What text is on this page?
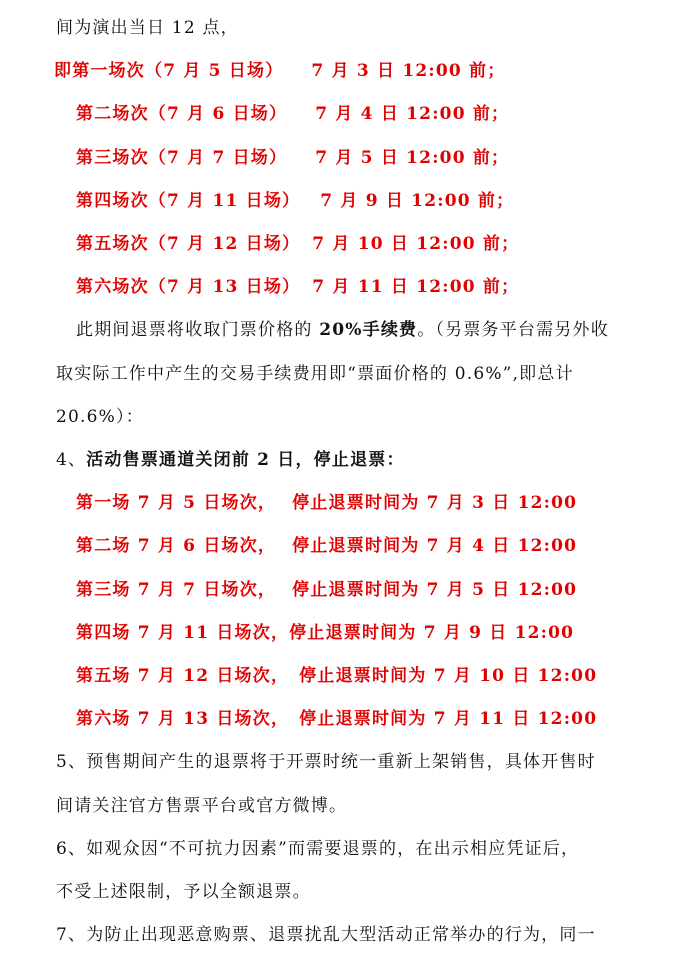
间为演出当日 12 点，
即第一场次（7 月 5 日场） 7 月 3 日 12:00 前；
第二场次（7 月 6 日场） 7 月 4 日 12:00 前；
第三场次（7 月 7 日场） 7 月 5 日 12:00 前；
第四场次（7 月 11 日场） 7 月 9 日 12:00 前；
第五场次（7 月 12 日场） 7 月 10 日 12:00 前；
第六场次（7 月 13 日场） 7 月 11 日 12:00 前；
此期间退票将收取门票价格的 20%手续费。（另票务平台需另外收
取实际工作中产生的交易手续费用即“票面价格的 0.6%”,即总计
20.6%）：
4、活动售票通道关闭前 2 日，停止退票：
第一场 7 月 5 日场次， 停止退票时间为 7 月 3 日 12:00
第二场 7 月 6 日场次， 停止退票时间为 7 月 4 日 12:00
第三场 7 月 7 日场次， 停止退票时间为 7 月 5 日 12:00
第四场 7 月 11 日场次，停止退票时间为 7 月 9 日 12:00
第五场 7 月 12 日场次， 停止退票时间为 7 月 10 日 12:00
第六场 7 月 13 日场次， 停止退票时间为 7 月 11 日 12:00
5、预售期间产生的退票将于开票时统一重新上架销售，具体开售时
间请关注官方售票平台或官方微博。
6、如观众因“不可抗力因素”而需要退票的，在出示相应凭证后，
不受上述限制，予以全额退票。
7、为防止出现恶意购票、退票扰乱大型活动正常举办的行为，同一
